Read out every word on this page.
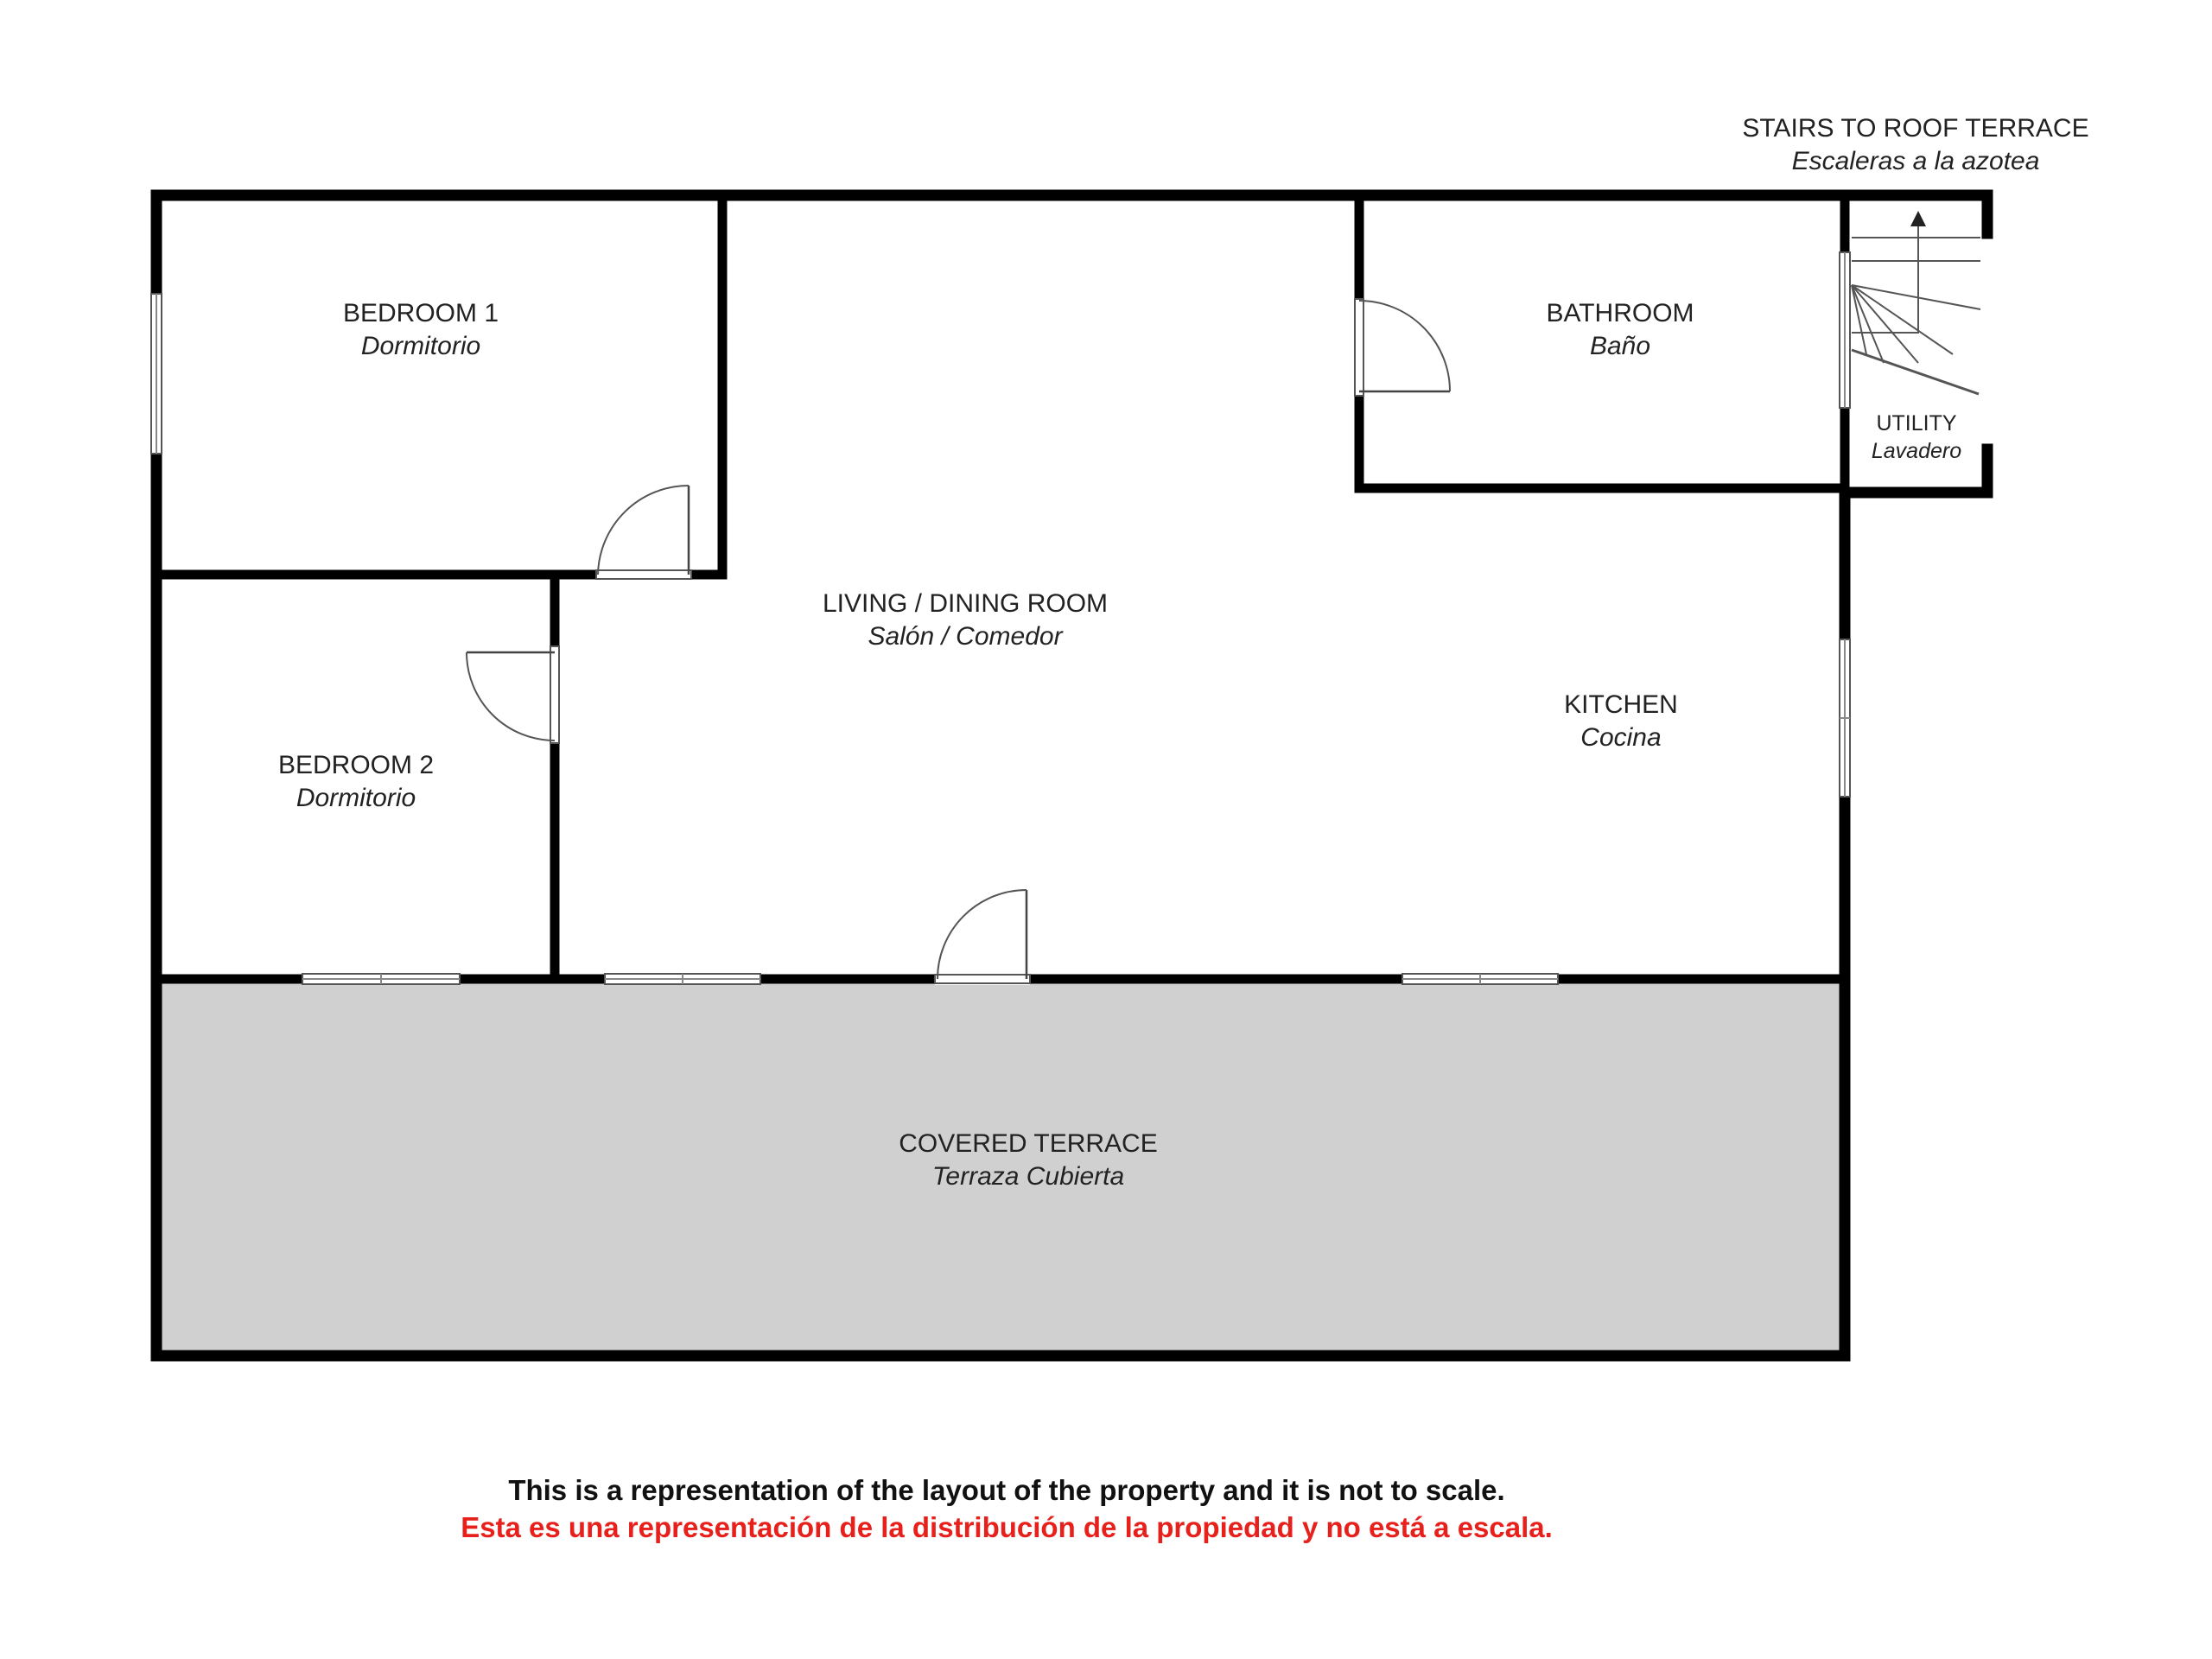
BEDROOM 1
Dormitorio
BEDROOM 2
Dormitorio
LIVING / DINING ROOM
Salón / Comedor
BATHROOM
Baño
KITCHEN
Cocina
UTILITY
Lavadero
COVERED TERRACE
Terraza Cubierta
STAIRS TO ROOF TERRACE
Escaleras a la azotea
This is a representation of the layout of the property and it is not to scale.
Esta es una representación de la distribución de la propiedad y no está a escala.
